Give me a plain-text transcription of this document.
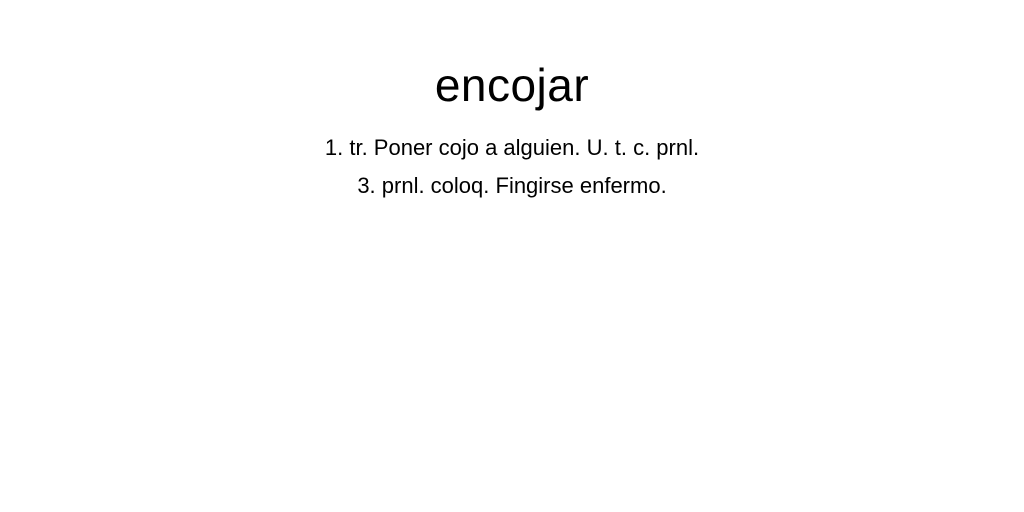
encojar
1. tr. Poner cojo a alguien. U. t. c. prnl.
3. prnl. coloq. Fingirse enfermo.
